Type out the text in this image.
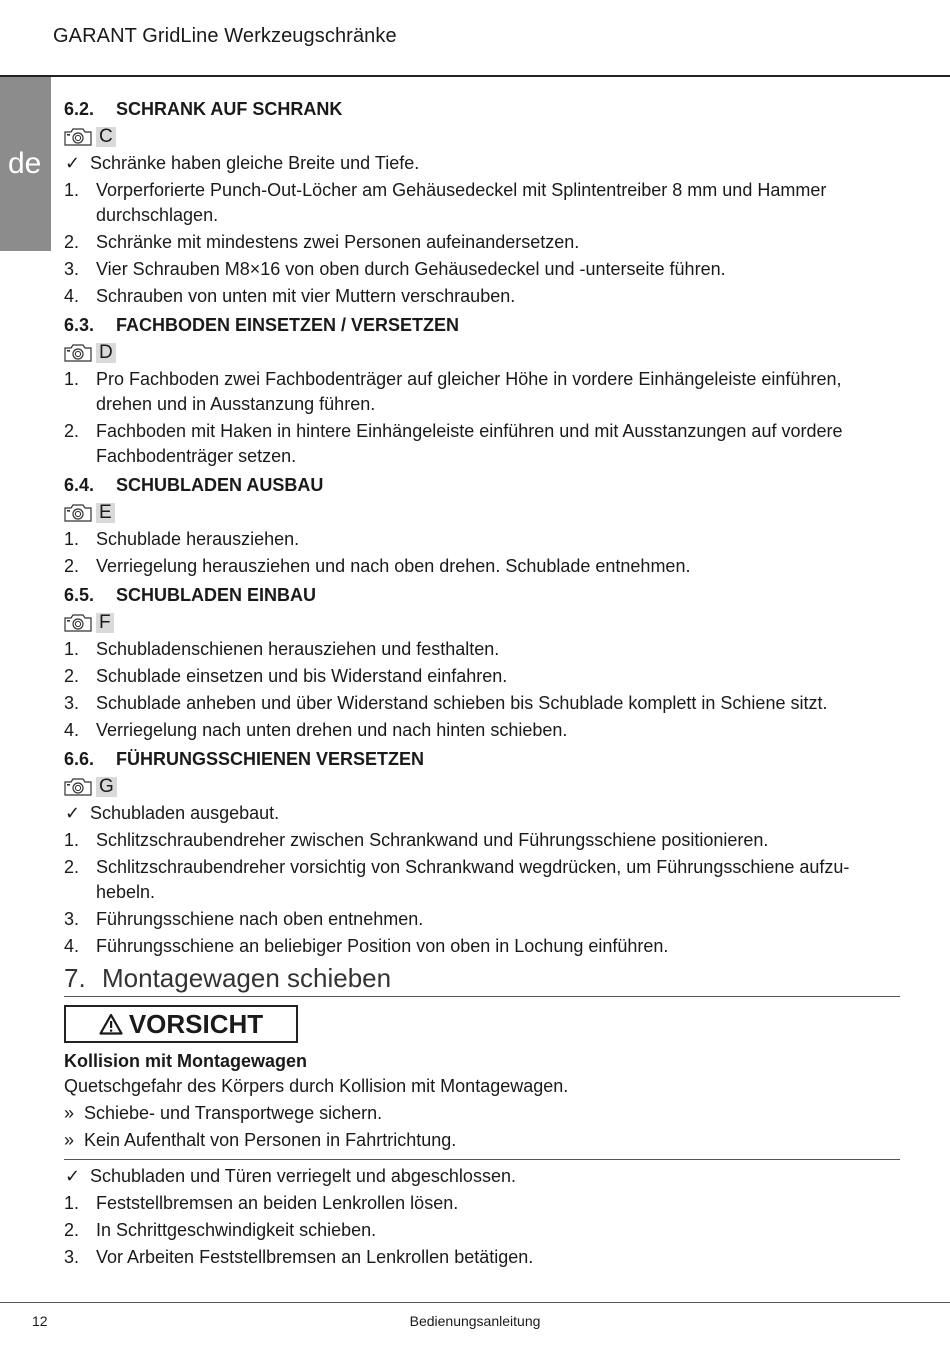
GARANT GridLine Werkzeugschränke
de
6.2. SCHRANK AUF SCHRANK
C
✓ Schränke haben gleiche Breite und Tiefe.
1. Vorperforierte Punch-Out-Löcher am Gehäusedeckel mit Splintentreiber 8 mm und Hammer durchschlagen.
2. Schränke mit mindestens zwei Personen aufeinandersetzen.
3. Vier Schrauben M8×16 von oben durch Gehäusedeckel und -unterseite führen.
4. Schrauben von unten mit vier Muttern verschrauben.
6.3. FACHBODEN EINSETZEN / VERSETZEN
D
1. Pro Fachboden zwei Fachbodenträger auf gleicher Höhe in vordere Einhängeleiste einführen, drehen und in Ausstanzung führen.
2. Fachboden mit Haken in hintere Einhängeleiste einführen und mit Ausstanzungen auf vordere Fachbodenträger setzen.
6.4. SCHUBLADEN AUSBAU
E
1. Schublade herausziehen.
2. Verriegelung herausziehen und nach oben drehen. Schublade entnehmen.
6.5. SCHUBLADEN EINBAU
F
1. Schubladenschienen herausziehen und festhalten.
2. Schublade einsetzen und bis Widerstand einfahren.
3. Schublade anheben und über Widerstand schieben bis Schublade komplett in Schiene sitzt.
4. Verriegelung nach unten drehen und nach hinten schieben.
6.6. FÜHRUNGSSCHIENEN VERSETZEN
G
✓ Schubladen ausgebaut.
1. Schlitzschraubendreher zwischen Schrankwand und Führungsschiene positionieren.
2. Schlitzschraubendreher vorsichtig von Schrankwand wegdrücken, um Führungsschiene aufzu-hebeln.
3. Führungsschiene nach oben entnehmen.
4. Führungsschiene an beliebiger Position von oben in Lochung einführen.
7. Montagewagen schieben
VORSICHT
Kollision mit Montagewagen
Quetschgefahr des Körpers durch Kollision mit Montagewagen.
» Schiebe- und Transportwege sichern.
» Kein Aufenthalt von Personen in Fahrtrichtung.
✓ Schubladen und Türen verriegelt und abgeschlossen.
1. Feststellbremsen an beiden Lenkrollen lösen.
2. In Schrittgeschwindigkeit schieben.
3. Vor Arbeiten Feststellbremsen an Lenkrollen betätigen.
12	Bedienungsanleitung
